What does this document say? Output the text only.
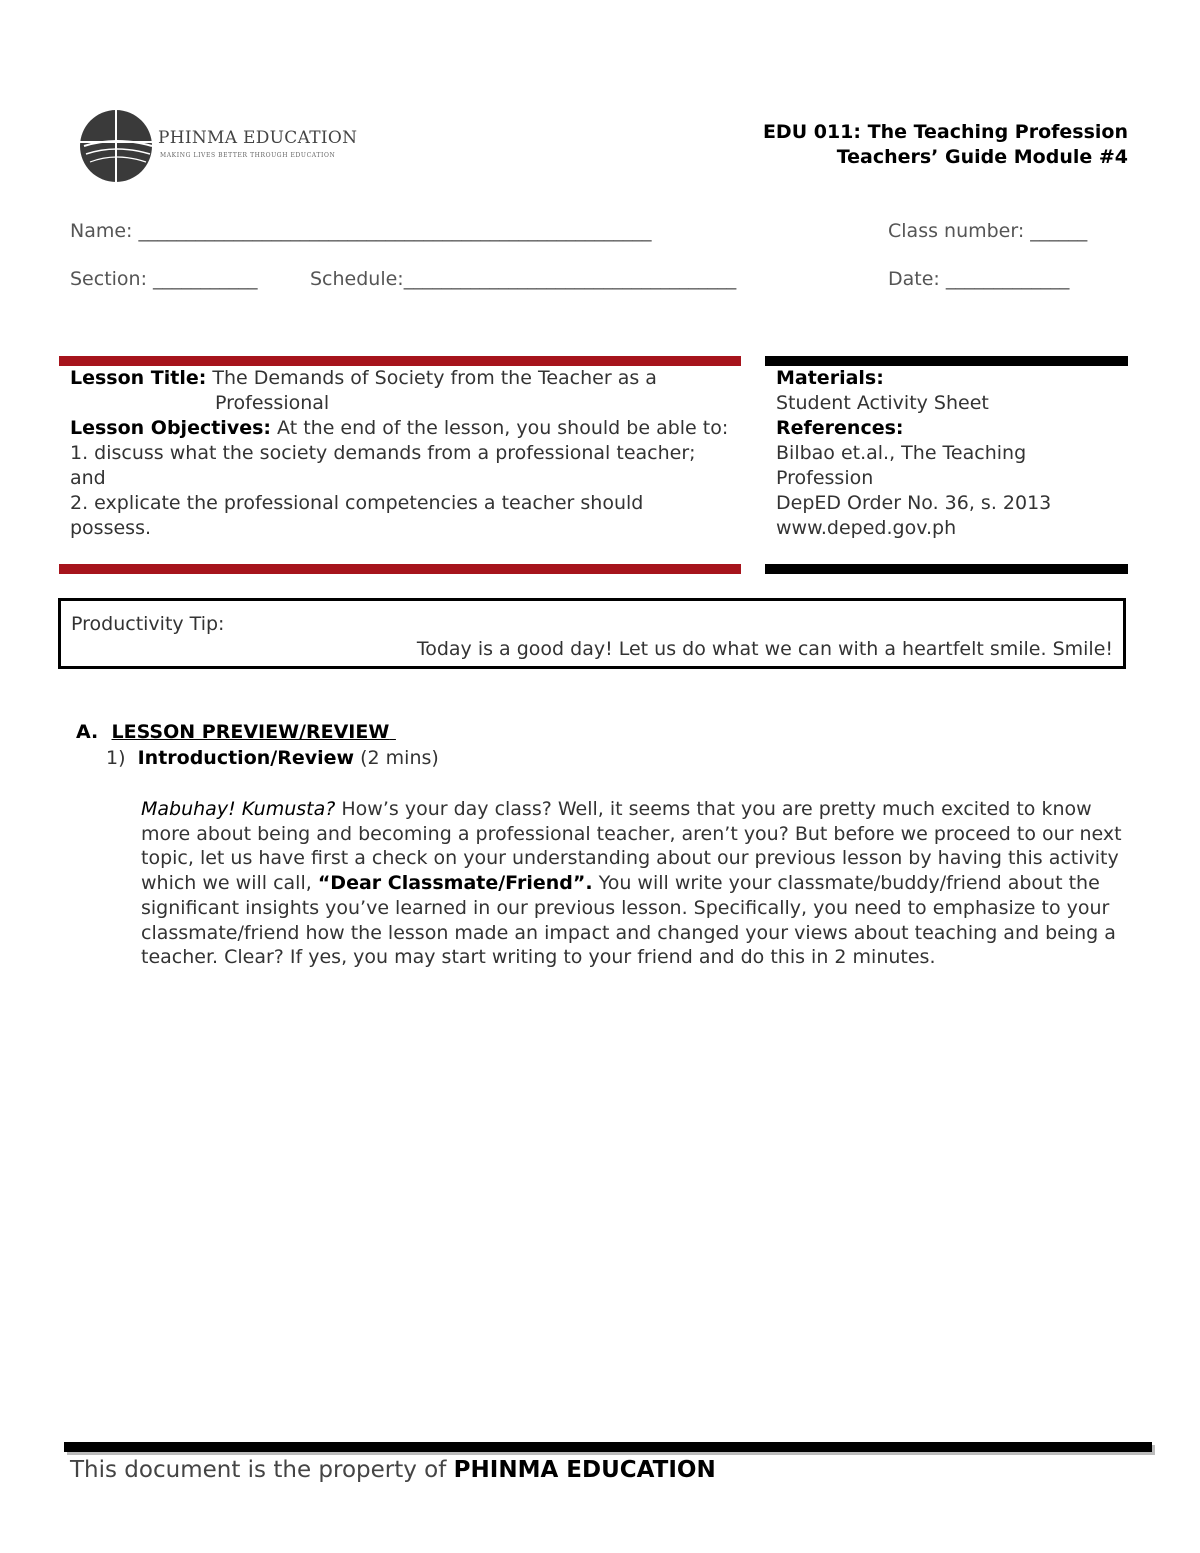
PHINMA EDUCATION
MAKING LIVES BETTER THROUGH EDUCATION
EDU 011: The Teaching Profession
Teachers’ Guide Module #4
Name: ______________________________________________________	Class number: ______
Section: ___________	Schedule:___________________________________	Date: _____________
Lesson Title: The Demands of Society from the Teacher as a
Professional
Lesson Objectives: At the end of the lesson, you should be able to:
1. discuss what the society demands from a professional teacher;
and
2. explicate the professional competencies a teacher should
possess.
Materials:
Student Activity Sheet
References:
Bilbao et.al., The Teaching
Profession
DepED Order No. 36, s. 2013
www.deped.gov.ph
Productivity Tip:
Today is a good day! Let us do what we can with a heartfelt smile. Smile!
A. LESSON PREVIEW/REVIEW
1) Introduction/Review (2 mins)
Mabuhay! Kumusta? How’s your day class? Well, it seems that you are pretty much excited to know more about being and becoming a professional teacher, aren’t you? But before we proceed to our next topic, let us have first a check on your understanding about our previous lesson by having this activity which we will call, “Dear Classmate/Friend”. You will write your classmate/buddy/friend about the significant insights you’ve learned in our previous lesson. Specifically, you need to emphasize to your classmate/friend how the lesson made an impact and changed your views about teaching and being a teacher. Clear? If yes, you may start writing to your friend and do this in 2 minutes.
This document is the property of PHINMA EDUCATION
